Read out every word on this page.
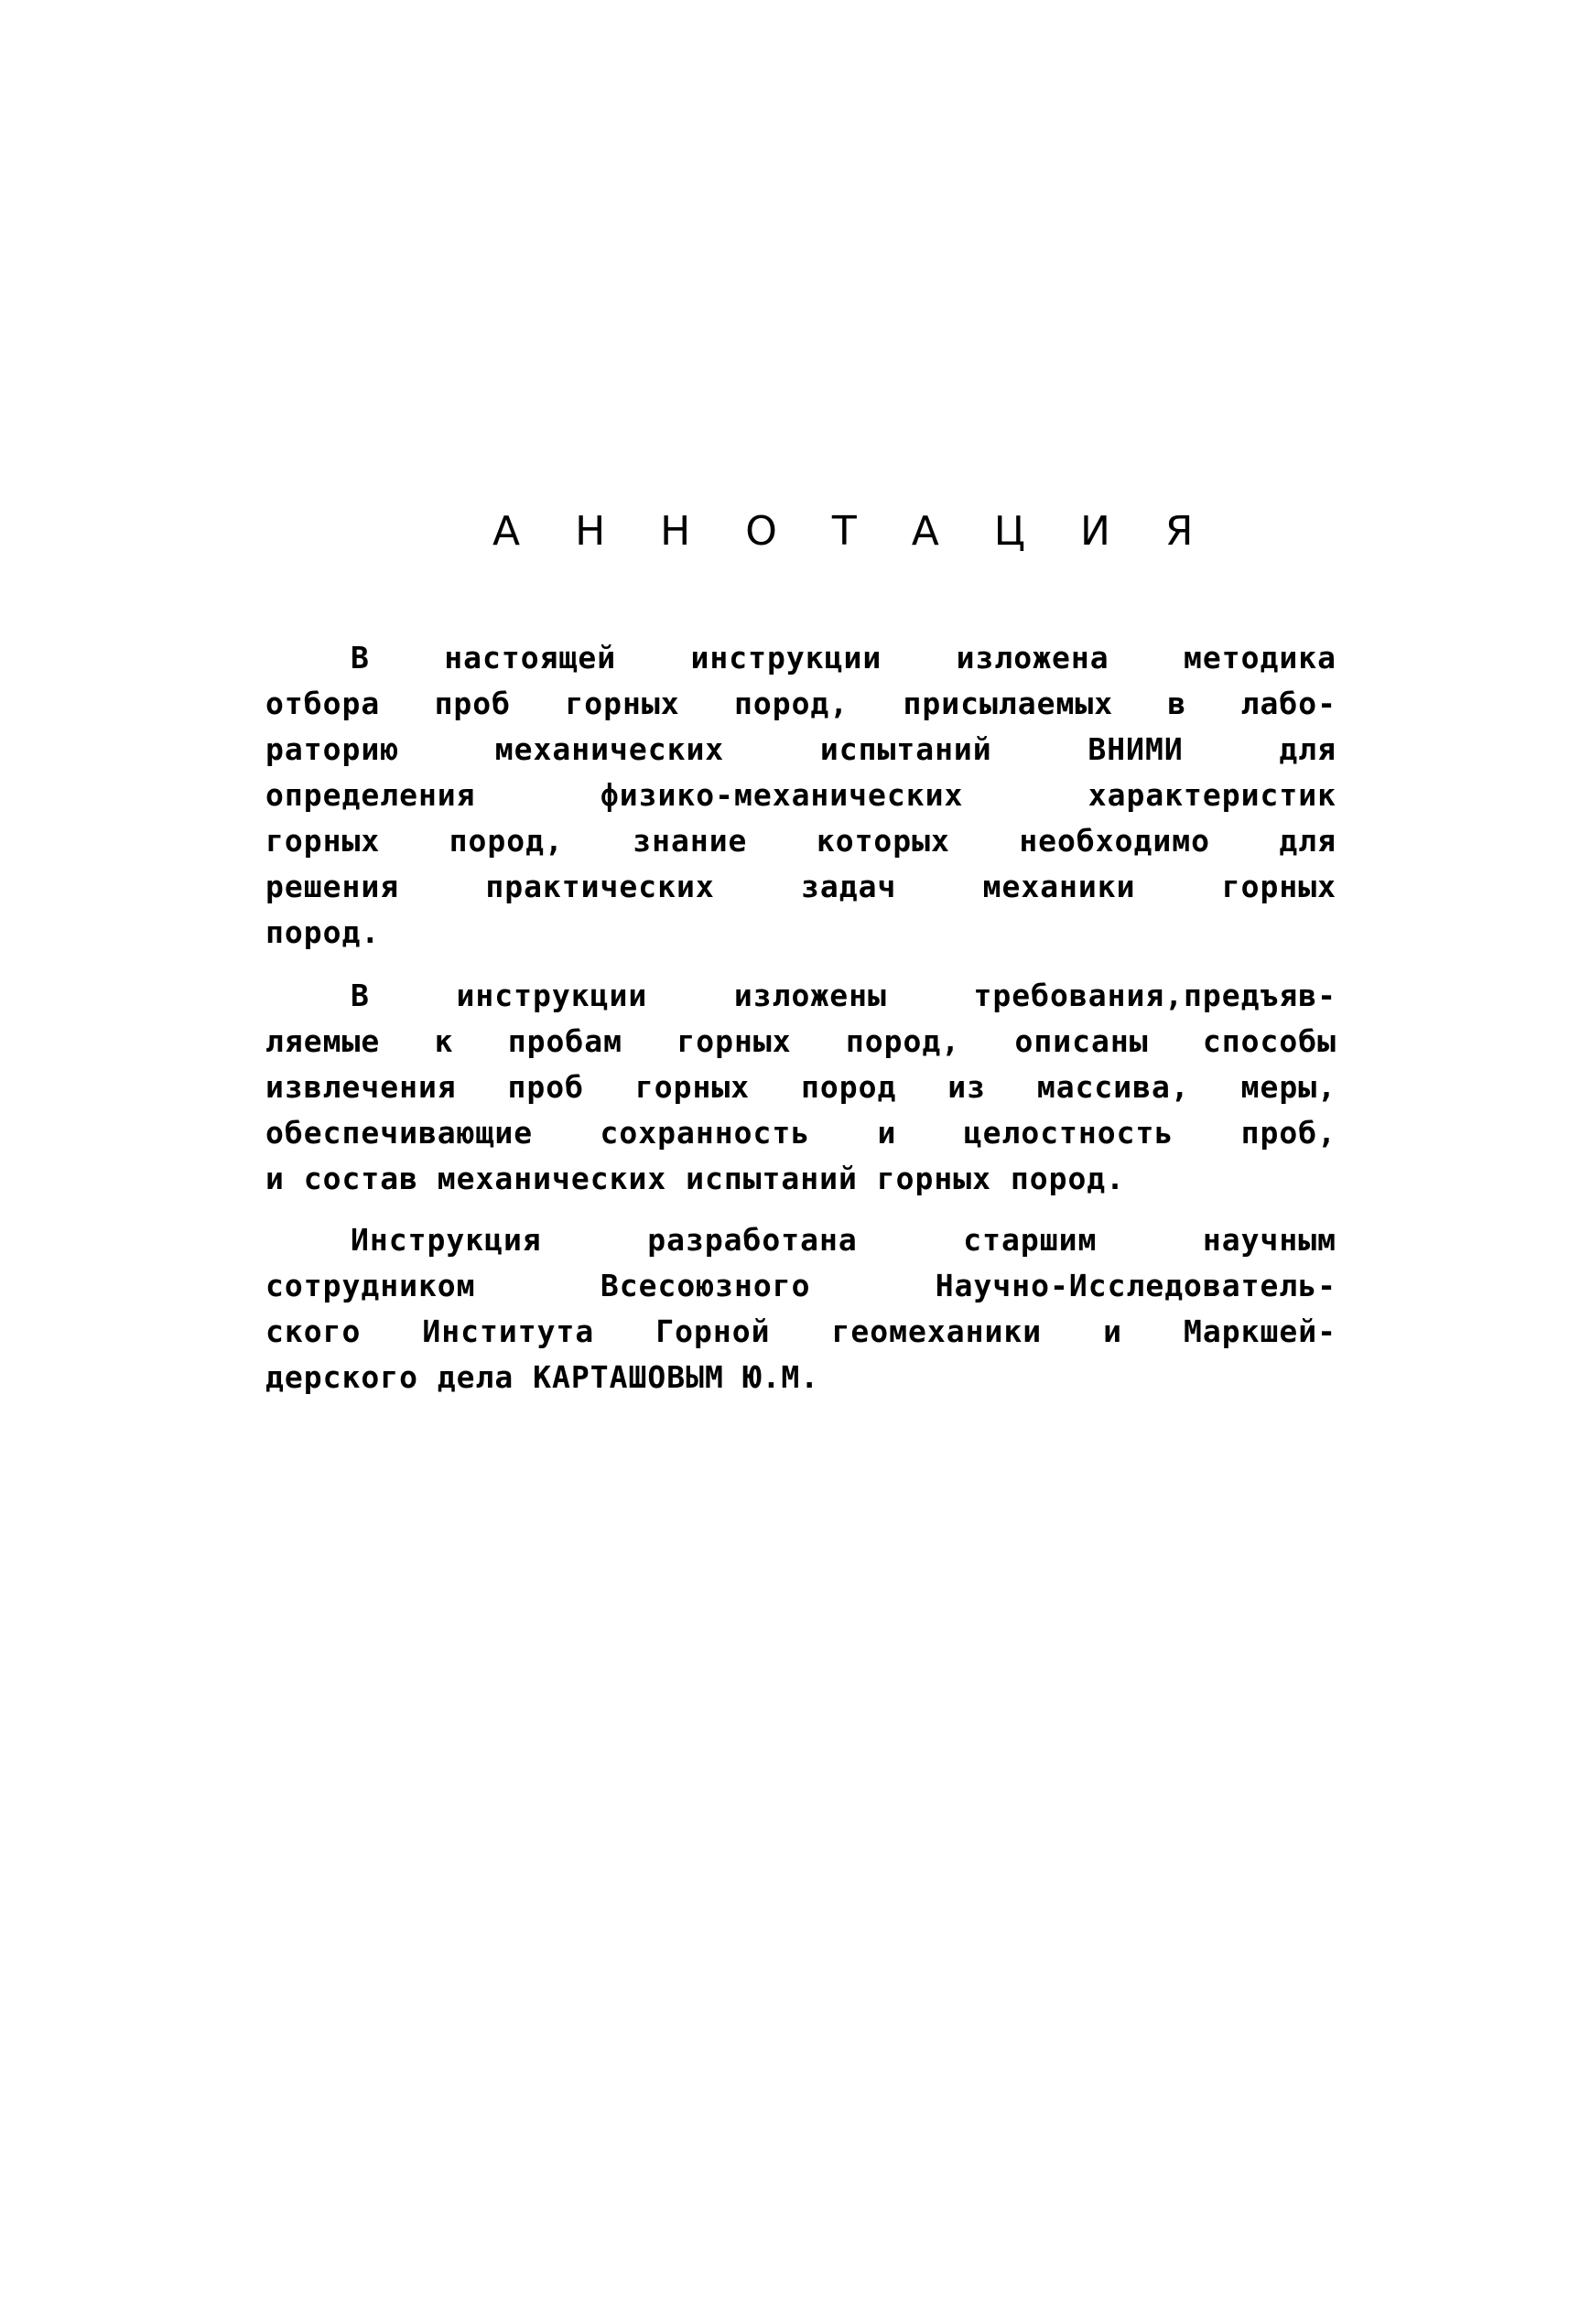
А Н Н О Т А Ц И Я
В настоящей инструкции изложена методика
отбора проб горных пород, присылаемых в лабо-
раторию механических испытаний ВНИМИ для
определения физико-механических характеристик
горных пород, знание которых необходимо для
решения практических задач механики горных
пород.
В инструкции изложены требования,предъяв-
ляемые к пробам горных пород, описаны способы
извлечения проб горных пород из массива, меры,
обеспечивающие сохранность и целостность проб,
и состав механических испытаний горных пород.
Инструкция разработана старшим научным
сотрудником Всесоюзного Научно-Исследователь-
ского Института Горной геомеханики и Маркшей-
дерского дела КАРТАШОВЫМ Ю.М.
